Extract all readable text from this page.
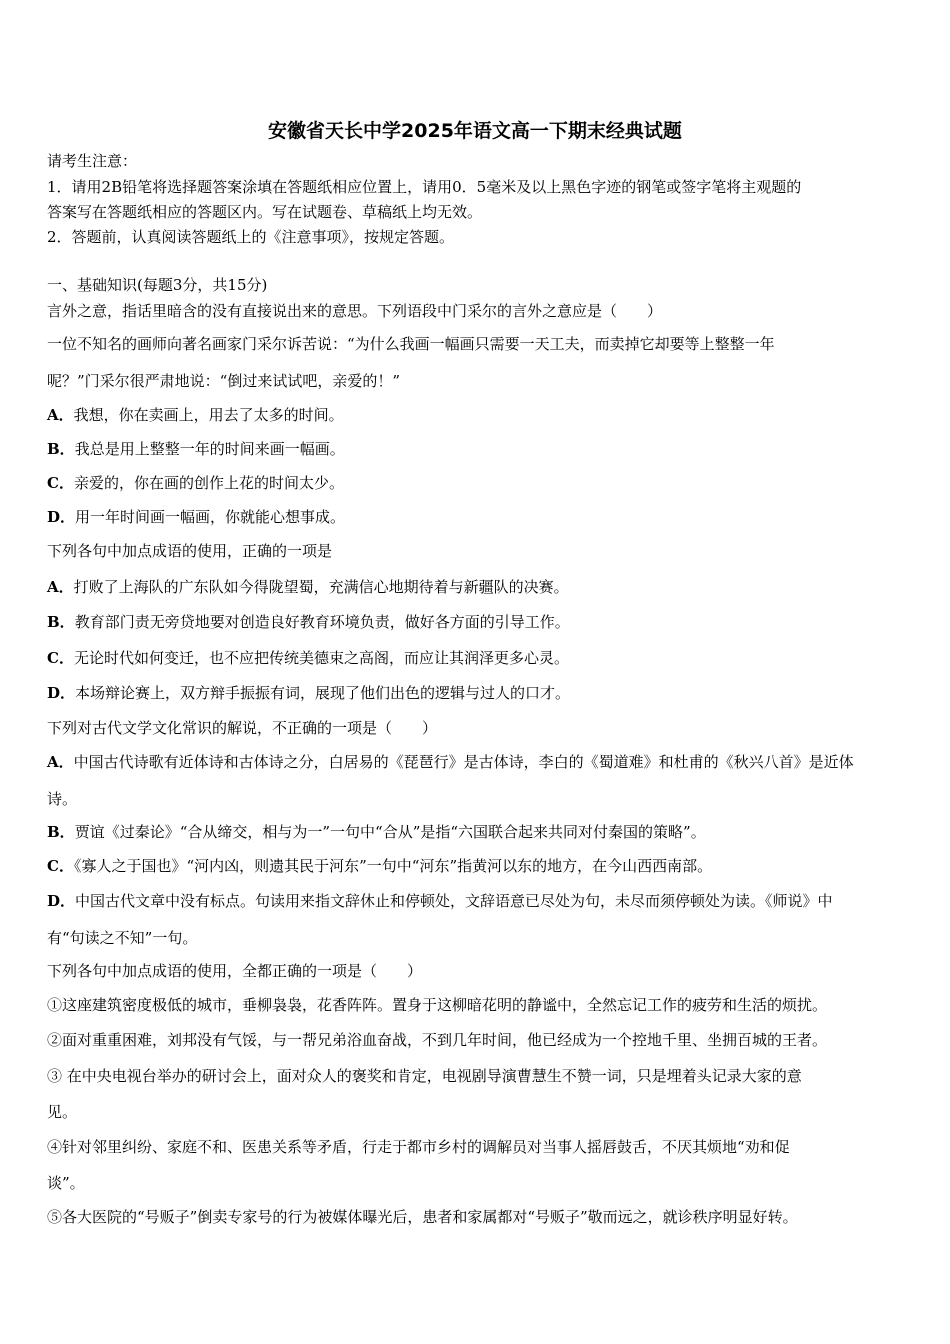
安徽省天长中学2025年语文高一下期末经典试题
请考生注意：
1．请用2B铅笔将选择题答案涂填在答题纸相应位置上，请用0．5毫米及以上黑色字迹的钢笔或签字笔将主观题的
答案写在答题纸相应的答题区内。写在试题卷、草稿纸上均无效。
2．答题前，认真阅读答题纸上的《注意事项》，按规定答题。
一、基础知识(每题3分，共15分)
言外之意，指话里暗含的没有直接说出来的意思。下列语段中门采尔的言外之意应是（　　）
一位不知名的画师向著名画家门采尔诉苦说：“为什么我画一幅画只需要一天工夫，而卖掉它却要等上整整一年
呢？”门采尔很严肃地说：“倒过来试试吧，亲爱的！”
A．我想，你在卖画上，用去了太多的时间。
B．我总是用上整整一年的时间来画一幅画。
C．亲爱的，你在画的创作上花的时间太少。
D．用一年时间画一幅画，你就能心想事成。
下列各句中加点成语的使用，正确的一项是
A．打败了上海队的广东队如今得陇望蜀，充满信心地期待着与新疆队的决赛。
B．教育部门责无旁贷地要对创造良好教育环境负责，做好各方面的引导工作。
C．无论时代如何变迁，也不应把传统美德束之高阁，而应让其润泽更多心灵。
D．本场辩论赛上，双方辩手振振有词，展现了他们出色的逻辑与过人的口才。
下列对古代文学文化常识的解说，不正确的一项是（　　）
A．中国古代诗歌有近体诗和古体诗之分，白居易的《琵琶行》是古体诗，李白的《蜀道难》和杜甫的《秋兴八首》是近体
诗。
B．贾谊《过秦论》“合从缔交，相与为一”一句中“合从”是指“六国联合起来共同对付秦国的策略”。
C．《寡人之于国也》“河内凶，则遗其民于河东”一句中“河东”指黄河以东的地方，在今山西西南部。
D．中国古代文章中没有标点。句读用来指文辞休止和停顿处，文辞语意已尽处为句，未尽而须停顿处为读。《师说》中
有“句读之不知”一句。
下列各句中加点成语的使用，全都正确的一项是（　　）
①这座建筑密度极低的城市，垂柳袅袅，花香阵阵。置身于这柳暗花明的静谧中，全然忘记工作的疲劳和生活的烦扰。
②面对重重困难，刘邦没有气馁，与一帮兄弟浴血奋战，不到几年时间，他已经成为一个控地千里、坐拥百城的王者。
③ 在中央电视台举办的研讨会上，面对众人的褒奖和肯定，电视剧导演曹慧生不赞一词，只是埋着头记录大家的意
见。
④针对邻里纠纷、家庭不和、医患关系等矛盾，行走于都市乡村的调解员对当事人摇唇鼓舌，不厌其烦地“劝和促
谈”。
⑤各大医院的“号贩子”倒卖专家号的行为被媒体曝光后，患者和家属都对“号贩子”敬而远之，就诊秩序明显好转。
